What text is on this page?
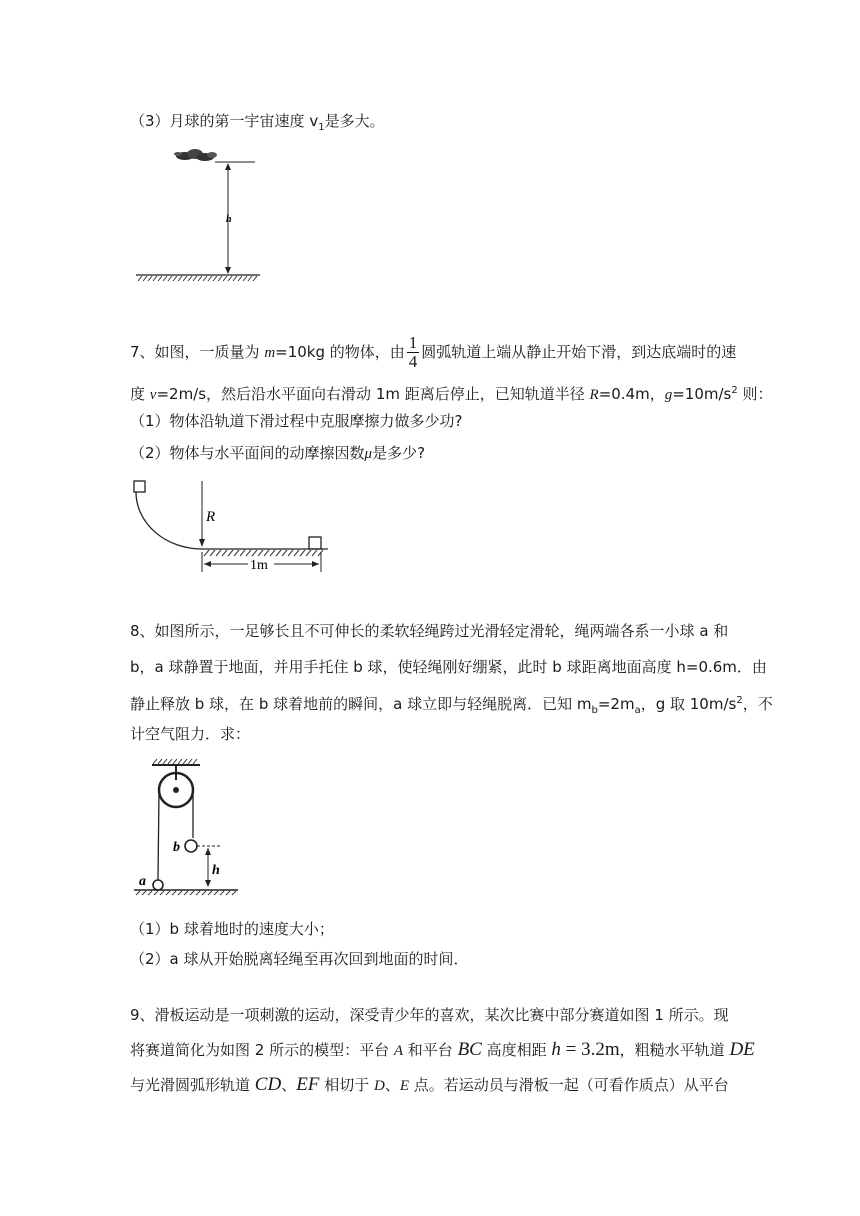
（3）月球的第一宇宙速度 $v_1$是多大。
h
7、如图，一质量为 m=10kg 的物体，由 $\frac{1}{4}$ 圆弧轨道上端从静止开始下滑，到达底端时的速
度 v=2m/s，然后沿水平面向右滑动 1m 距离后停止，已知轨道半径 R=0.4m，$g=10m/s^2$ 则：
（1）物体沿轨道下滑过程中克服摩擦力做多少功?
（2）物体与水平面间的动摩擦因数μ是多少?
R
1m
8、如图所示，一足够长且不可伸长的柔软轻绳跨过光滑轻定滑轮，绳两端各系一小球 a 和
b，a 球静置于地面，并用手托住 b 球，使轻绳刚好绷紧，此时 b 球距离地面高度 h=0.6m．由
静止释放 b 球，在 b 球着地前的瞬间，a 球立即与轻绳脱离．已知 $m_b=2m_a$，g 取 $10m/s^2$，不
计空气阻力．求：
b
h
a
（1）b 球着地时的速度大小；
（2）a 球从开始脱离轻绳至再次回到地面的时间．
9、滑板运动是一项刺激的运动，深受青少年的喜欢，某次比赛中部分赛道如图 1 所示。现
将赛道简化为如图 2 所示的模型：平台 A 和平台 BC 高度相距 h = 3.2m，粗糙水平轨道 DE
与光滑圆弧形轨道 CD、EF 相切于 D、E 点。若运动员与滑板一起（可看作质点）从平台
